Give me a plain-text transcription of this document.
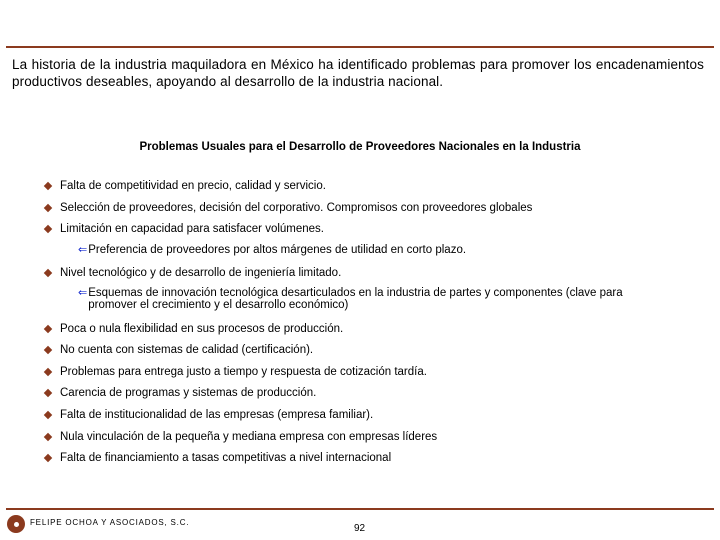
La historia de la industria maquiladora en México ha identificado problemas para promover los encadenamientos productivos deseables, apoyando al desarrollo de la industria nacional.
Problemas Usuales para el Desarrollo de Proveedores Nacionales en la Industria
Falta de competitividad en precio, calidad y servicio.
Selección de proveedores, decisión del corporativo. Compromisos con proveedores globales
Limitación en capacidad para satisfacer volúmenes.
⇐ Preferencia de proveedores por altos márgenes de utilidad en corto plazo.
Nivel tecnológico y de desarrollo de ingeniería limitado.
⇐ Esquemas de innovación tecnológica desarticulados en la industria de partes y componentes (clave para promover el crecimiento y el desarrollo económico)
Poca o nula flexibilidad en sus procesos de producción.
No cuenta con sistemas de calidad (certificación).
Problemas para entrega justo a tiempo y respuesta de cotización tardía.
Carencia de programas y sistemas de producción.
Falta de institucionalidad de las empresas (empresa familiar).
Nula vinculación de la pequeña y mediana empresa con empresas líderes
Falta de financiamiento a tasas competitivas a nivel internacional
FELIPE OCHOA Y ASOCIADOS, S.C.
92
